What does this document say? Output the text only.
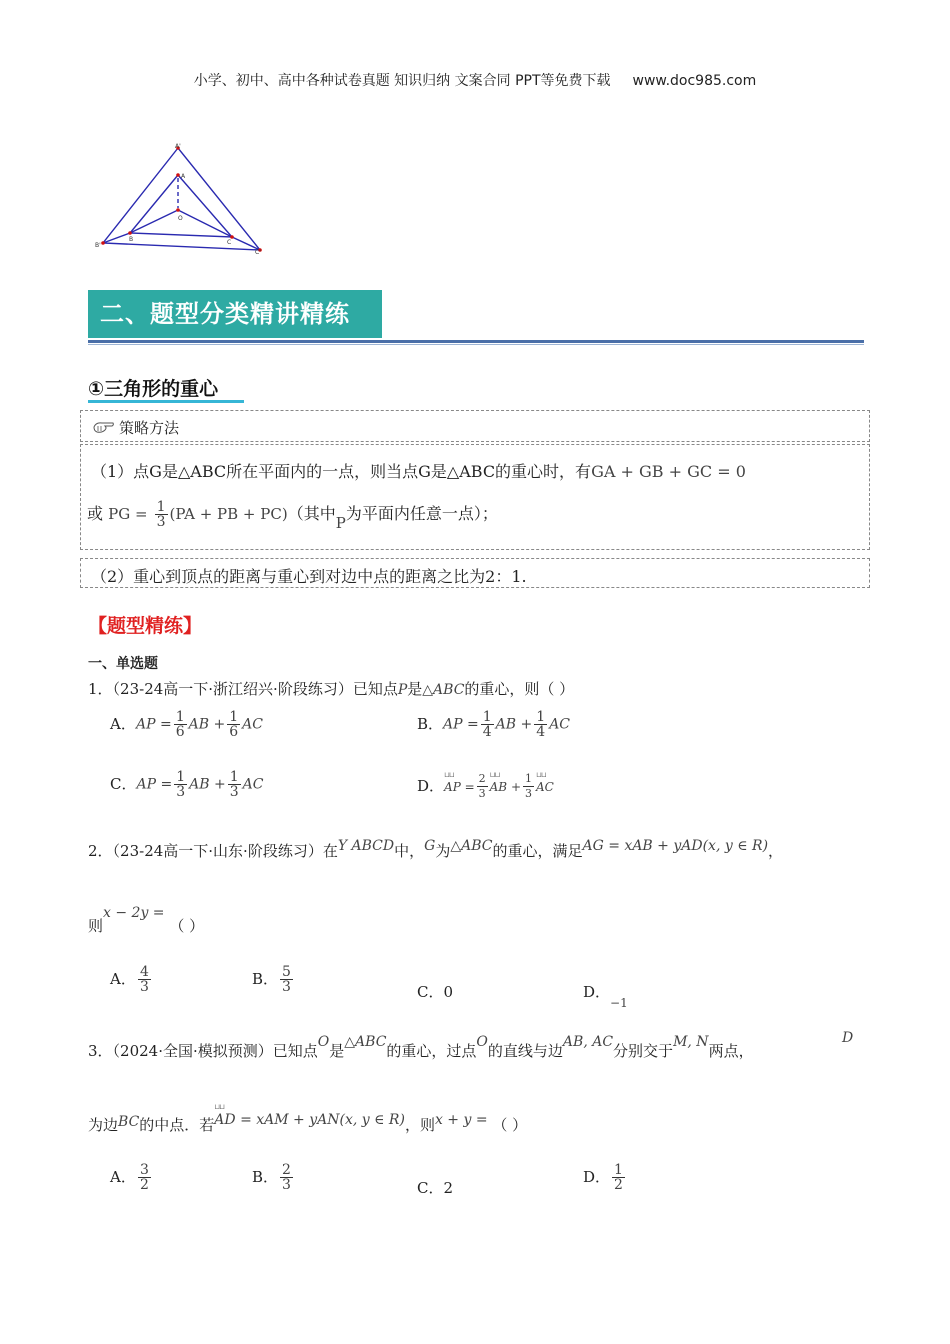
小学、初中、高中各种试卷真题 知识归纳 文案合同 PPT等免费下载 www.doc985.com
A'
A
O
B	C
B'
C'
二、题型分类精讲精练
①三角形的重心
策略方法
（1）点G是△ABC所在平面内的一点，则当点G是△ABC的重心时，有GA + GB + GC = 0
或 PG = $\frac{1}{3} (PA$ + PB + PC)（其中P为平面内任意一点）；
（2）重心到顶点的距离与重心到对边中点的距离之比为2：1.
【题型精练】
一、单选题
1．（23-24高一下·浙江绍兴·阶段练习）已知点P是△ABC的重心，则（ ）
A．AP = $\frac{1}{6}$ AB + $\frac{1}{6}$ AC	B．AP = $\frac{1}{4}$ AB + $\frac{1}{4}$ AC
C．AP = $\frac{1}{3}$ AB + $\frac{1}{3}$ AC	D．⊔⊔ AP = $\frac{2}{3}$ ⊔⊔ AB + $\frac{1}{3}$ ⊔⊔ AC
2．（23-24高一下·山东·阶段练习）在Y ABCD中，G为△ABC的重心，满足AG = xAB + yAD(x, y ∈ R)，
则x − 2y = （ ）
A． $\frac{4}{3}$	B． $\frac{5}{3}$	C．0	D．$_{-1}$
3．（2024·全国·模拟预测）已知点O是△ABC的重心，过点O的直线与边AB, AC分别交于M, N两点，
D
为边BC的中点．若⊔⊔ AD = xAM + yAN(x, y ∈ R)，则x + y = （ ）
A． $\frac{3}{2}$	B． $\frac{2}{3}$	C．2
D． $\frac{1}{2}$
